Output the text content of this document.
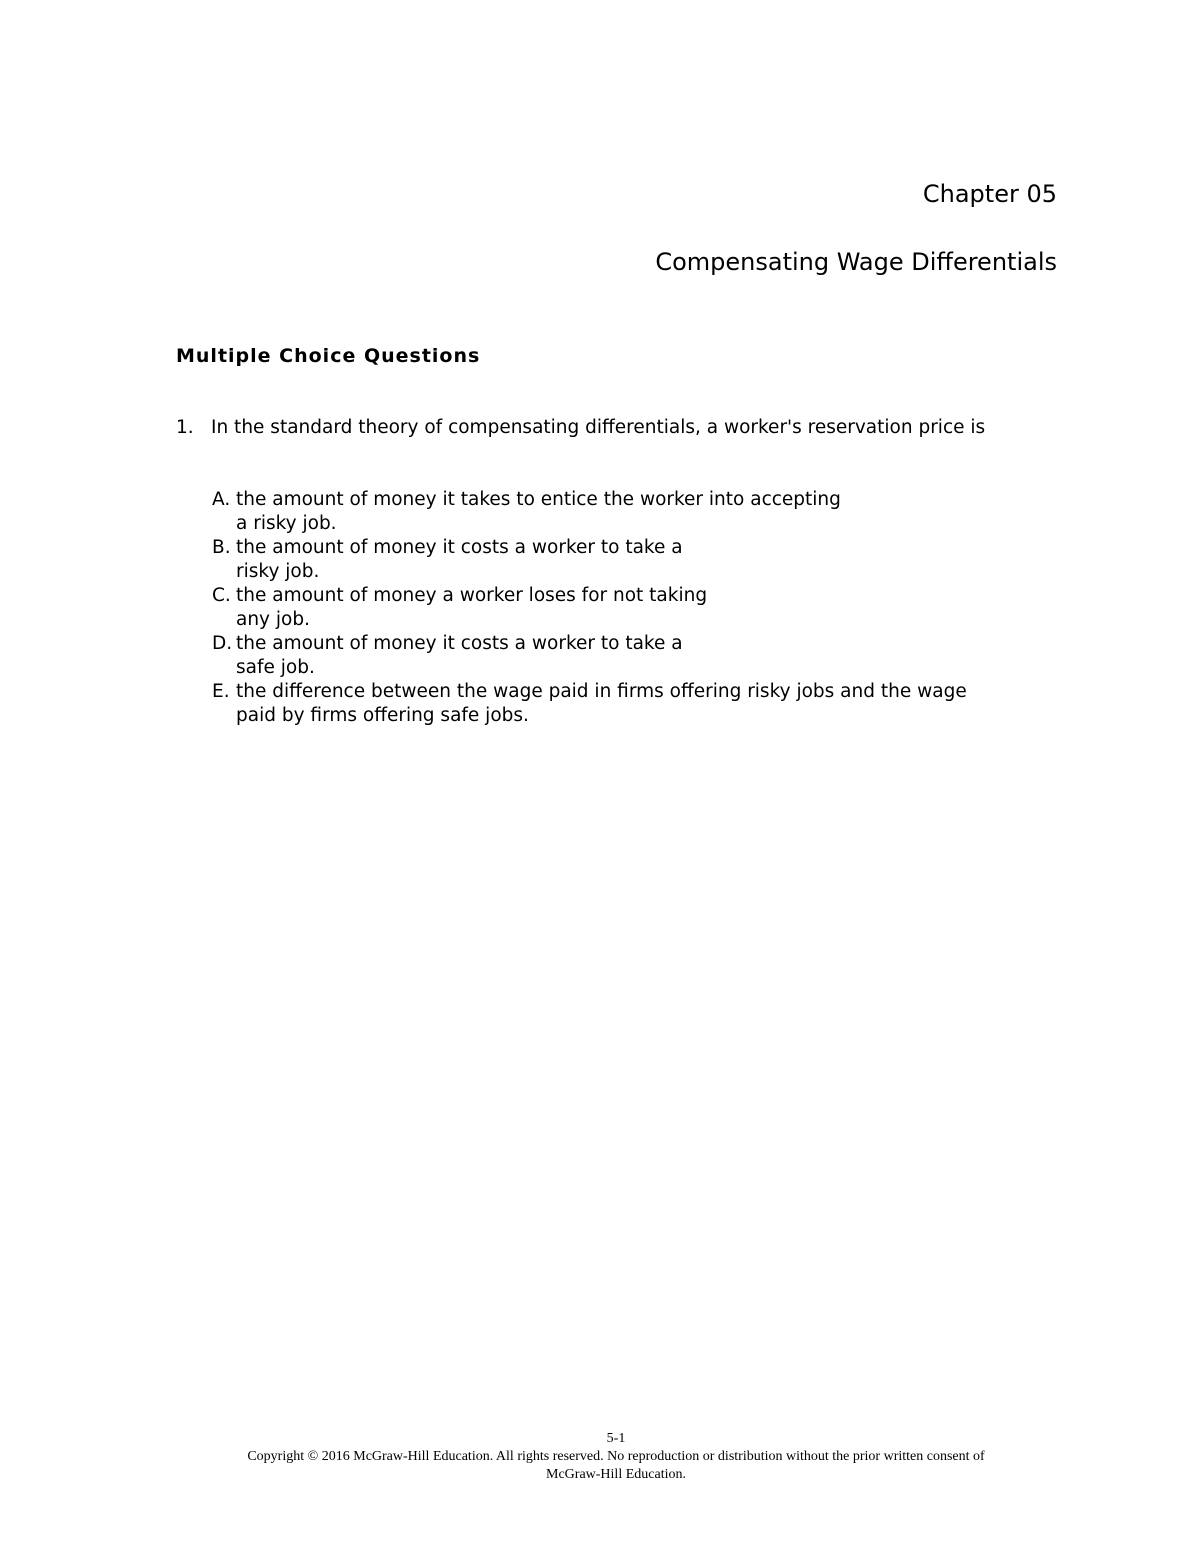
Chapter 05
Compensating Wage Differentials
Multiple Choice Questions
1. In the standard theory of compensating differentials, a worker's reservation price is
A. the amount of money it takes to entice the worker into accepting
a risky job.
B. the amount of money it costs a worker to take a
risky job.
C. the amount of money a worker loses for not taking
any job.
D. the amount of money it costs a worker to take a
safe job.
E. the difference between the wage paid in firms offering risky jobs and the wage
paid by firms offering safe jobs.
5-1
Copyright © 2016 McGraw-Hill Education. All rights reserved. No reproduction or distribution without the prior written consent of
McGraw-Hill Education.
